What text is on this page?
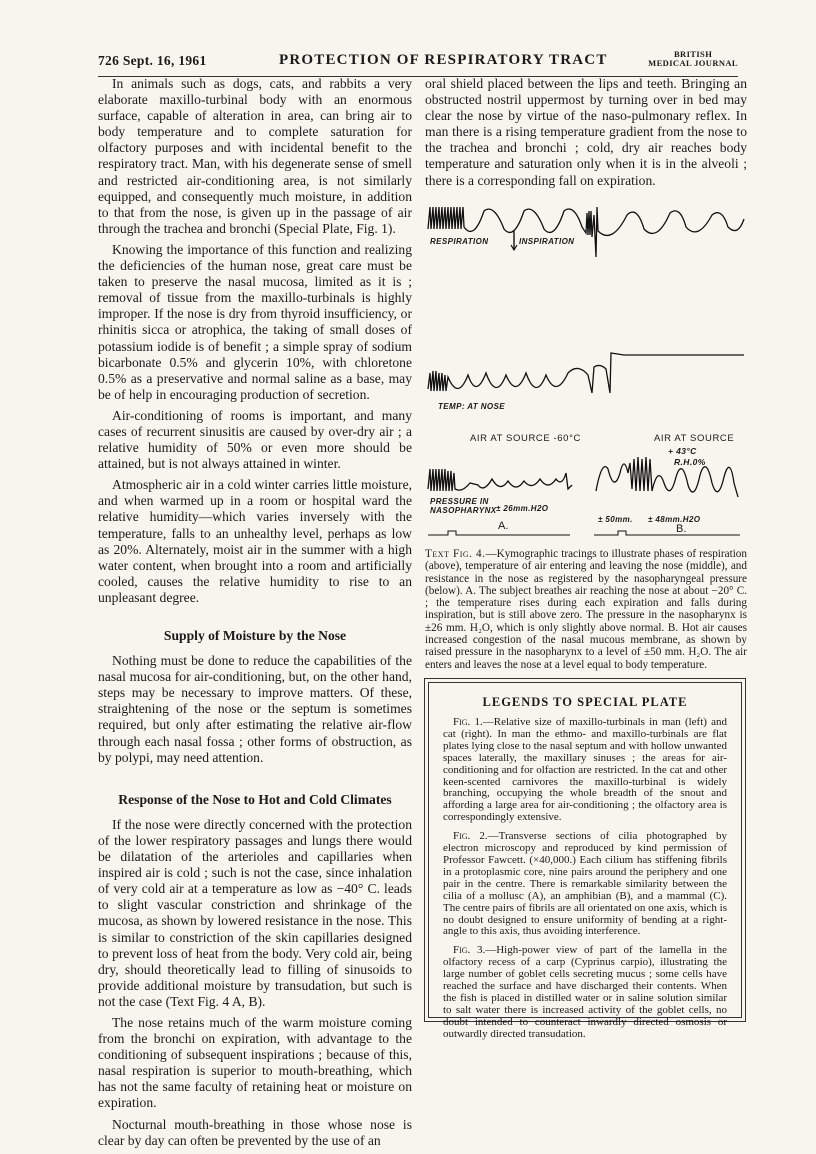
726 Sept. 16, 1961	PROTECTION OF RESPIRATORY TRACT	BRITISH
MEDICAL JOURNAL

In animals such as dogs, cats, and rabbits a very elaborate maxillo-turbinal body with an enormous surface, capable of alteration in area, can bring air to body temperature and to complete saturation for olfactory purposes and with incidental benefit to the respiratory tract. Man, with his degenerate sense of smell and restricted air-conditioning area, is not similarly equipped, and consequently much moisture, in addition to that from the nose, is given up in the passage of air through the trachea and bronchi (Special Plate, Fig. 1).

Knowing the importance of this function and realizing the deficiencies of the human nose, great care must be taken to preserve the nasal mucosa, limited as it is ; removal of tissue from the maxillo-turbinals is highly improper. If the nose is dry from thyroid insufficiency, or rhinitis sicca or atrophica, the taking of small doses of potassium iodide is of benefit ; a simple spray of sodium bicarbonate 0.5% and glycerin 10%, with chloretone 0.5% as a preservative and normal saline as a base, may be of help in encouraging production of secretion.

Air-conditioning of rooms is important, and many cases of recurrent sinusitis are caused by over-dry air ; a relative humidity of 50% or even more should be attained, but is not always attained in winter.

Atmospheric air in a cold winter carries little moisture, and when warmed up in a room or hospital ward the relative humidity—which varies inversely with the temperature, falls to an unhealthy level, perhaps as low as 20%. Alternately, moist air in the summer with a high water content, when brought into a room and artificially cooled, causes the relative humidity to rise to an unpleasant degree.

Supply of Moisture by the Nose

Nothing must be done to reduce the capabilities of the nasal mucosa for air-conditioning, but, on the other hand, steps may be necessary to improve matters. Of these, straightening of the nose or the septum is sometimes required, but only after estimating the relative air-flow through each nasal fossa ; other forms of obstruction, as by polypi, may need attention.

Response of the Nose to Hot and Cold Climates

If the nose were directly concerned with the protection of the lower respiratory passages and lungs there would be dilatation of the arterioles and capillaries when inspired air is cold ; such is not the case, since inhalation of very cold air at a temperature as low as −40° C. leads to slight vascular constriction and shrinkage of the mucosa, as shown by lowered resistance in the nose. This is similar to constriction of the skin capillaries designed to prevent loss of heat from the body. Very cold air, being dry, should theoretically lead to filling of sinusoids to provide additional moisture by transudation, but such is not the case (Text Fig. 4 A, B).

The nose retains much of the warm moisture coming from the bronchi on expiration, with advantage to the conditioning of subsequent inspirations ; because of this, nasal respiration is superior to mouth-breathing, which has not the same faculty of retaining heat or moisture on expiration.

Nocturnal mouth-breathing in those whose nose is clear by day can often be prevented by the use of an

oral shield placed between the lips and teeth. Bringing an obstructed nostril uppermost by turning over in bed may clear the nose by virtue of the naso-pulmonary reflex. In man there is a rising temperature gradient from the nose to the trachea and bronchi ; cold, dry air reaches body temperature and saturation only when it is in the alveoli ; there is a corresponding fall on expiration.

RESPIRATION	INSPIRATION
TEMP: AT NOSE
AIR AT SOURCE -60°C	AIR AT SOURCE
+ 43°C
R.H.0%
PRESSURE IN
NASOPHARYNX ± 26mm.H2O
± 50mm. ± 48mm.H2O
A.	B.
Text Fig. 4.—Kymographic tracings to illustrate phases of respiration (above), temperature of air entering and leaving the nose (middle), and resistance in the nose as registered by the nasopharyngeal pressure (below). A. The subject breathes air reaching the nose at about −20° C. ; the temperature rises during each expiration and falls during inspiration, but is still above zero. The pressure in the nasopharynx is ±26 mm. H₂O, which is only slightly above normal. B. Hot air causes increased congestion of the nasal mucous membrane, as shown by raised pressure in the nasopharynx to a level of ±50 mm. H₂O. The air enters and leaves the nose at a level equal to body temperature.
LEGENDS TO SPECIAL PLATE
Fig. 1.—Relative size of maxillo-turbinals in man (left) and cat (right). In man the ethmo- and maxillo-turbinals are flat plates lying close to the nasal septum and with hollow unwanted spaces laterally, the maxillary sinuses ; the areas for air-conditioning and for olfaction are restricted. In the cat and other keen-scented carnivores the maxillo-turbinal is widely branching, occupying the whole breadth of the snout and affording a large area for air-conditioning ; the olfactory area is correspondingly extensive.
Fig. 2.—Transverse sections of cilia photographed by electron microscopy and reproduced by kind permission of Professor Fawcett. (×40,000.) Each cilium has stiffening fibrils in a protoplasmic core, nine pairs around the periphery and one pair in the centre. There is remarkable similarity between the cilia of a mollusc (A), an amphibian (B), and a mammal (C). The centre pairs of fibrils are all orientated on one axis, which is no doubt designed to ensure uniformity of bending at a right-angle to this axis, thus avoiding interference.
Fig. 3.—High-power view of part of the lamella in the olfactory recess of a carp (Cyprinus carpio), illustrating the large number of goblet cells secreting mucus ; some cells have reached the surface and have discharged their contents. When the fish is placed in distilled water or in saline solution similar to salt water there is increased activity of the goblet cells, no doubt intended to counteract inwardly directed osmosis or outwardly directed transudation.
